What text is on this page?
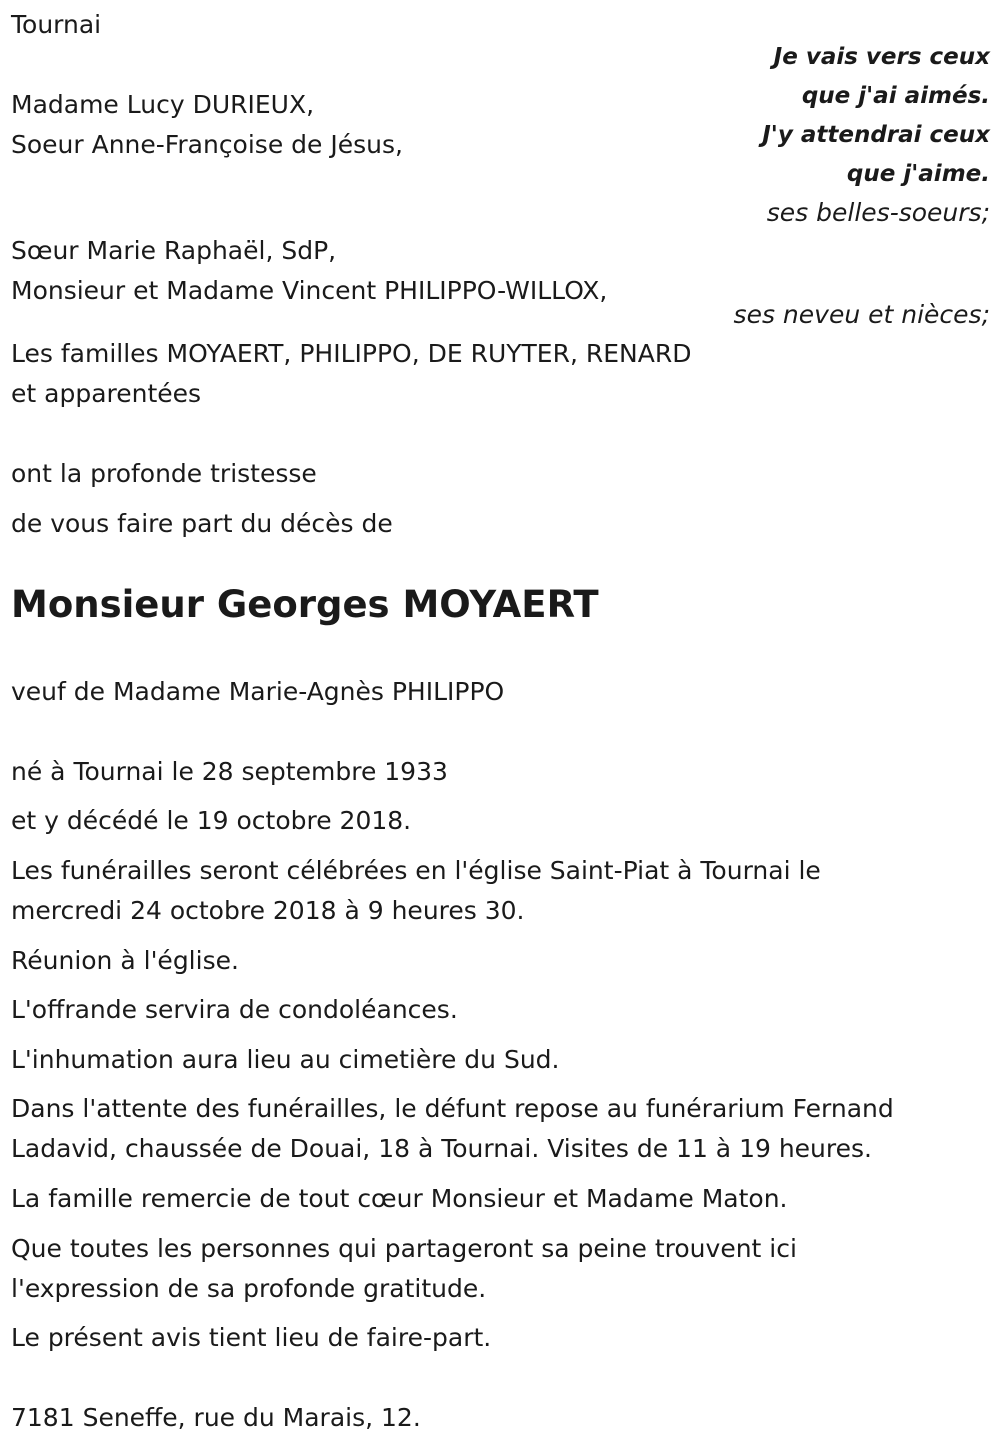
Tournai

Je vais vers ceux
que j'ai aimés.
J'y attendrai ceux
que j'aime.

Madame Lucy DURIEUX,

Soeur Anne-Françoise de Jésus,

ses belles-soeurs;

Sœur Marie Raphaël, SdP,

Monsieur et Madame Vincent PHILIPPO-WILLOX,

ses neveu et nièces;

Les familles MOYAERT, PHILIPPO, DE RUYTER, RENARD

et apparentées

ont la profonde tristesse

de vous faire part du décès de

Monsieur Georges MOYAERT

veuf de Madame Marie-Agnès PHILIPPO

né à Tournai le 28 septembre 1933

et y décédé le 19 octobre 2018.

Les funérailles seront célébrées en l'église Saint-Piat à Tournai le

mercredi 24 octobre 2018 à 9 heures 30.

Réunion à l'église.

L'offrande servira de condoléances.

L'inhumation aura lieu au cimetière du Sud.

Dans l'attente des funérailles, le défunt repose au funérarium Fernand

Ladavid, chaussée de Douai, 18 à Tournai. Visites de 11 à 19 heures.

La famille remercie de tout cœur Monsieur et Madame Maton.

Que toutes les personnes qui partageront sa peine trouvent ici

l'expression de sa profonde gratitude.

Le présent avis tient lieu de faire-part.

7181 Seneffe, rue du Marais, 12.
